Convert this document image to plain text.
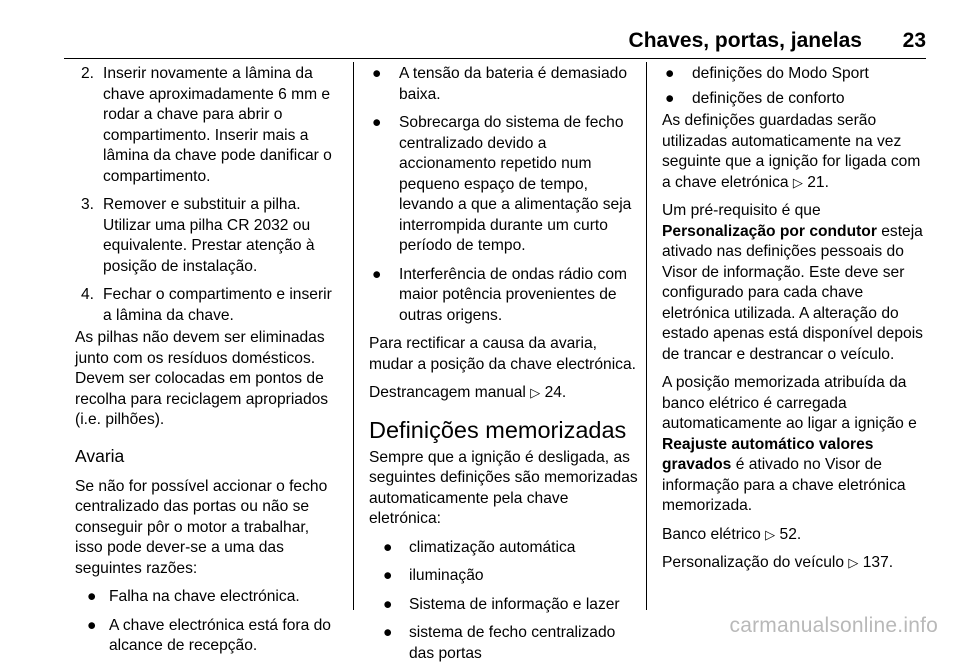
Chaves, portas, janelas 23
2. Inserir novamente a lâmina da chave aproximadamente 6 mm e rodar a chave para abrir o compartimento. Inserir mais a lâmina da chave pode danificar o compartimento.
3. Remover e substituir a pilha. Utilizar uma pilha CR 2032 ou equivalente. Prestar atenção à posição de instalação.
4. Fechar o compartimento e inserir a lâmina da chave.

As pilhas não devem ser eliminadas junto com os resíduos domésticos. Devem ser colocadas em pontos de recolha para reciclagem apropriados (i.e. pilhões).

Avaria

Se não for possível accionar o fecho centralizado das portas ou não se conseguir pôr o motor a trabalhar, isso pode dever-se a uma das seguintes razões:

● Falha na chave electrónica.
● A chave electrónica está fora do alcance de recepção.
● A tensão da bateria é demasiado baixa.
● Sobrecarga do sistema de fecho centralizado devido a accionamento repetido num pequeno espaço de tempo, levando a que a alimentação seja interrompida durante um curto período de tempo.
● Interferência de ondas rádio com maior potência provenientes de outras origens.

Para rectificar a causa da avaria, mudar a posição da chave electrónica.

Destrancagem manual ▷ 24.

Definições memorizadas

Sempre que a ignição é desligada, as seguintes definições são memorizadas automaticamente pela chave eletrónica:

● climatização automática
● iluminação
● Sistema de informação e lazer
● sistema de fecho centralizado das portas
● definições do Modo Sport
● definições de conforto

As definições guardadas serão utilizadas automaticamente na vez seguinte que a ignição for ligada com a chave eletrónica ▷ 21.

Um pré-requisito é que
Personalização por condutor esteja ativado nas definições pessoais do Visor de informação. Este deve ser configurado para cada chave eletrónica utilizada. A alteração do estado apenas está disponível depois de trancar e destrancar o veículo.

A posição memorizada atribuída da banco elétrico é carregada automaticamente ao ligar a ignição e Reajuste automático valores gravados é ativado no Visor de informação para a chave eletrónica memorizada.

Banco elétrico ▷ 52.

Personalização do veículo ▷ 137.

carmanualsonline.info
